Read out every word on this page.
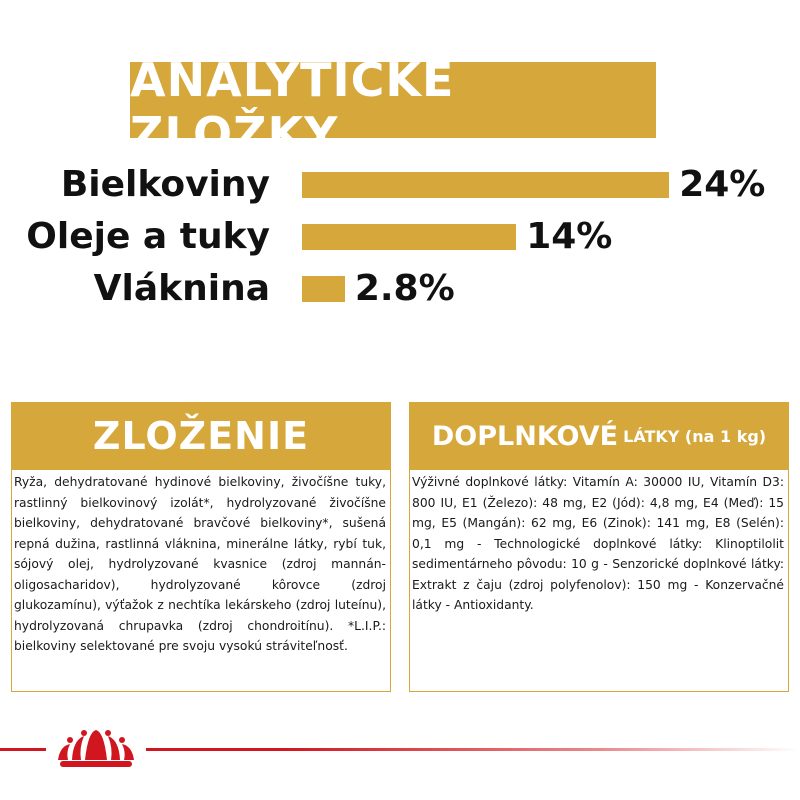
ANALYTICKÉ ZLOŽKY
Bielkoviny	24%
Oleje a tuky	14%
Vláknina 2.8%
ZLOŽENIE
Ryža, dehydratované hydinové bielkoviny, živočíšne tuky, rastlinný bielkovinový izolát*, hydrolyzované živočíšne bielkoviny, dehydratované bravčové bielkoviny*, sušená repná dužina, rastlinná vláknina, minerálne látky, rybí tuk, sójový olej, hydrolyzované kvasnice (zdroj mannán-oligosacharidov), hydrolyzované kôrovce (zdroj glukozamínu), výťažok z nechtíka lekárskeho (zdroj luteínu), hydrolyzovaná chrupavka (zdroj chondroitínu). *L.I.P.: bielkoviny selektované pre svoju vysokú stráviteľnosť.
DOPLNKOVÉ LÁTKY (na 1 kg)
Výživné doplnkové látky: Vitamín A: 30000 IU, Vitamín D3: 800 IU, E1 (Železo): 48 mg, E2 (Jód): 4,8 mg, E4 (Meď): 15 mg, E5 (Mangán): 62 mg, E6 (Zinok): 141 mg, E8 (Selén): 0,1 mg - Technologické doplnkové látky: Klinoptilolit sedimentárneho pôvodu: 10 g - Senzorické doplnkové látky: Extrakt z čaju (zdroj polyfenolov): 150 mg - Konzervačné látky - Antioxidanty.
